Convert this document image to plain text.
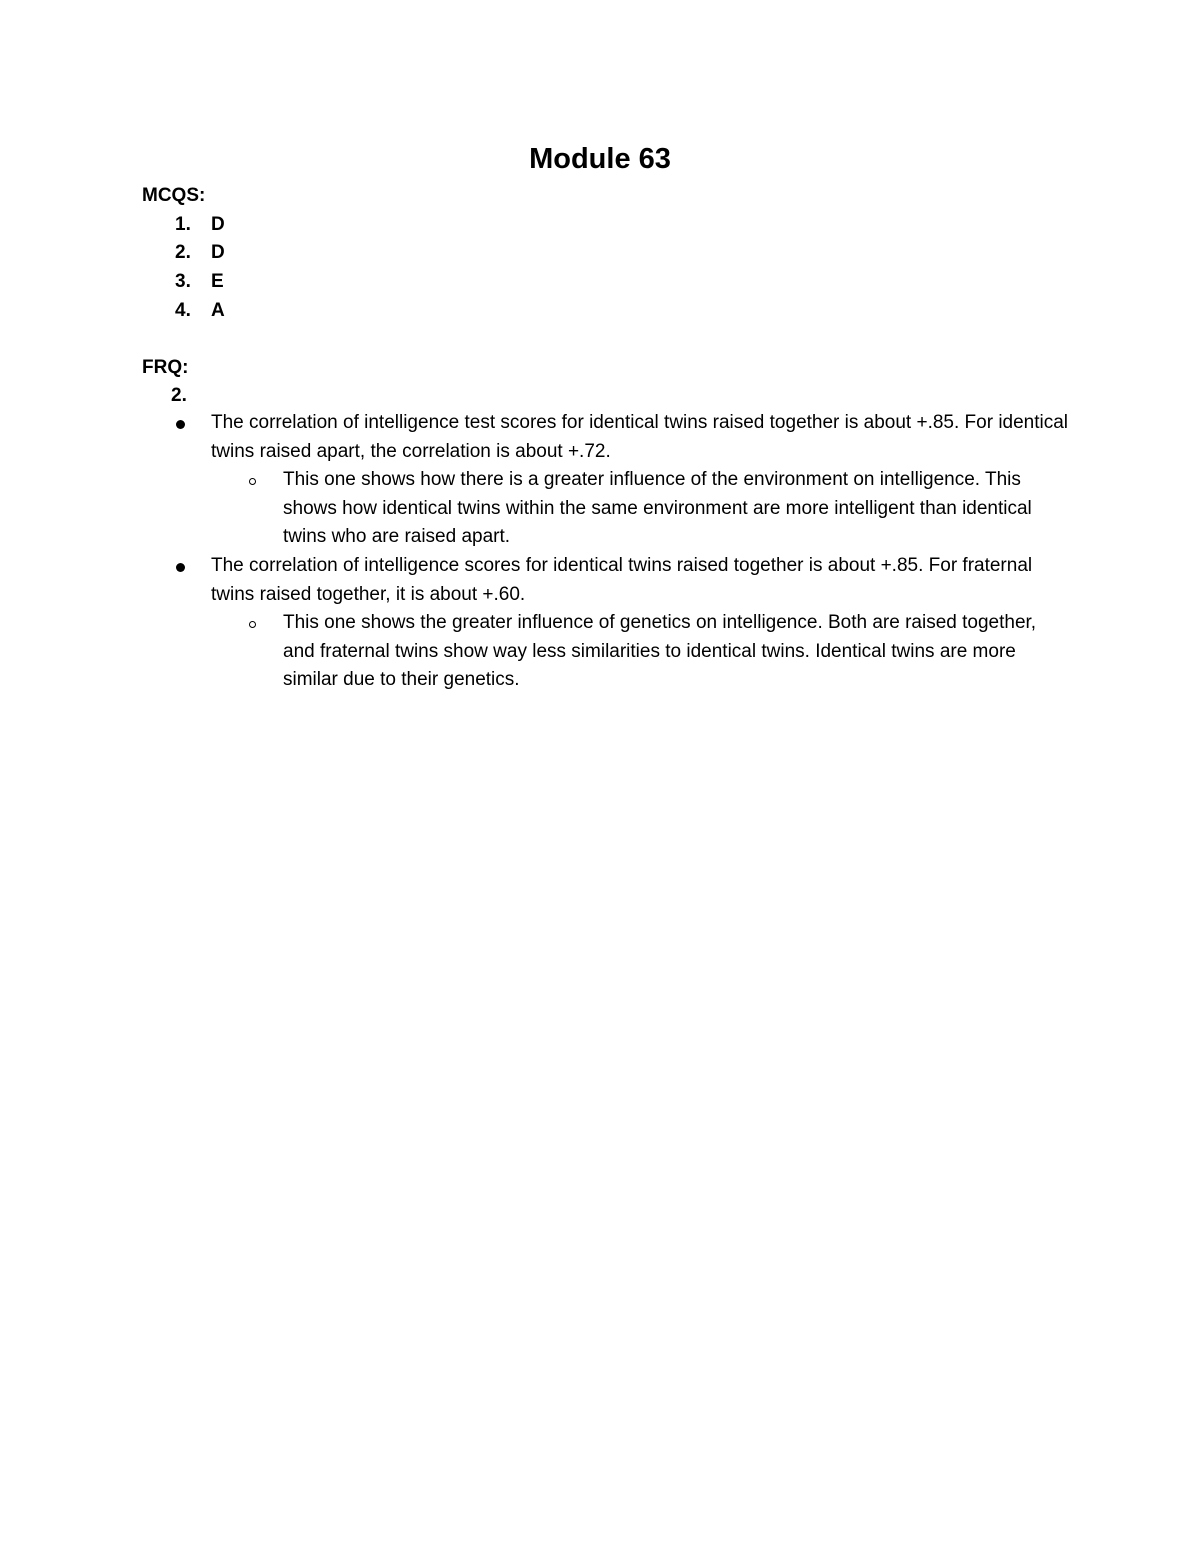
Module 63
MCQS:
1. D
2. D
3. E
4. A
FRQ:
2.
The correlation of intelligence test scores for identical twins raised together is about +.85. For identical twins raised apart, the correlation is about +.72.
This one shows how there is a greater influence of the environment on intelligence. This shows how identical twins within the same environment are more intelligent than identical twins who are raised apart.
The correlation of intelligence scores for identical twins raised together is about +.85. For fraternal twins raised together, it is about +.60.
This one shows the greater influence of genetics on intelligence. Both are raised together, and fraternal twins show way less similarities to identical twins. Identical twins are more similar due to their genetics.
